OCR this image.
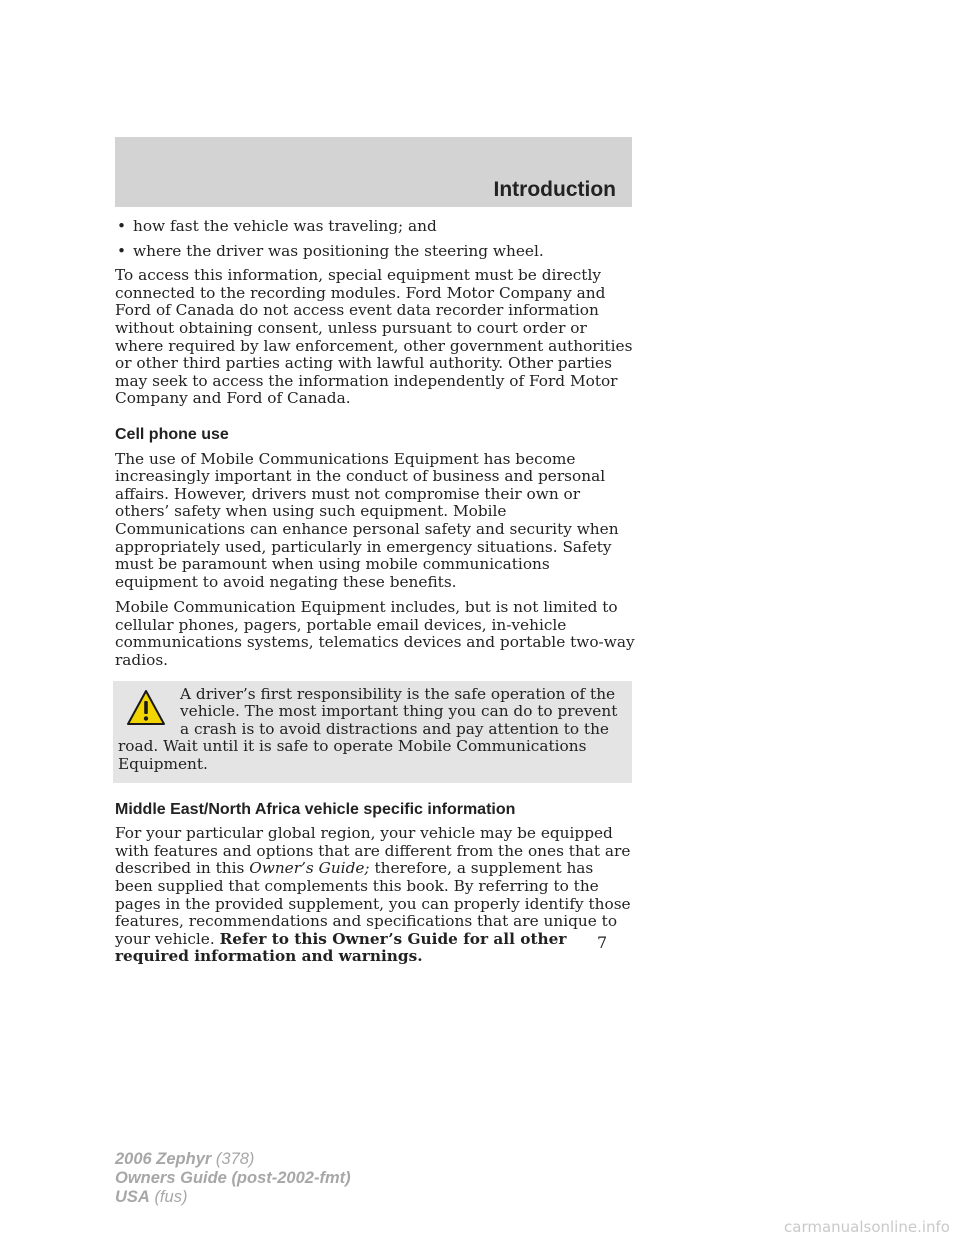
Introduction
• how fast the vehicle was traveling; and
• where the driver was positioning the steering wheel.

To access this information, special equipment must be directly connected to the recording modules. Ford Motor Company and Ford of Canada do not access event data recorder information without obtaining consent, unless pursuant to court order or where required by law enforcement, other government authorities or other third parties acting with lawful authority. Other parties may seek to access the information independently of Ford Motor Company and Ford of Canada.

Cell phone use

The use of Mobile Communications Equipment has become increasingly important in the conduct of business and personal affairs. However, drivers must not compromise their own or others’ safety when using such equipment. Mobile Communications can enhance personal safety and security when appropriately used, particularly in emergency situations. Safety must be paramount when using mobile communications equipment to avoid negating these benefits.

Mobile Communication Equipment includes, but is not limited to cellular phones, pagers, portable email devices, in-vehicle communications systems, telematics devices and portable two-way radios.

A driver’s first responsibility is the safe operation of the vehicle. The most important thing you can do to prevent a crash is to avoid distractions and pay attention to the road. Wait until it is safe to operate Mobile Communications Equipment.
Middle East/North Africa vehicle specific information

For your particular global region, your vehicle may be equipped with features and options that are different from the ones that are described in this Owner’s Guide; therefore, a supplement has been supplied that complements this book. By referring to the pages in the provided supplement, you can properly identify those features, recommendations and specifications that are unique to your vehicle. Refer to this Owner’s Guide for all other required information and warnings.

7
2006 Zephyr (378)
Owners Guide (post-2002-fmt)
USA (fus)
carmanualsonline.info
